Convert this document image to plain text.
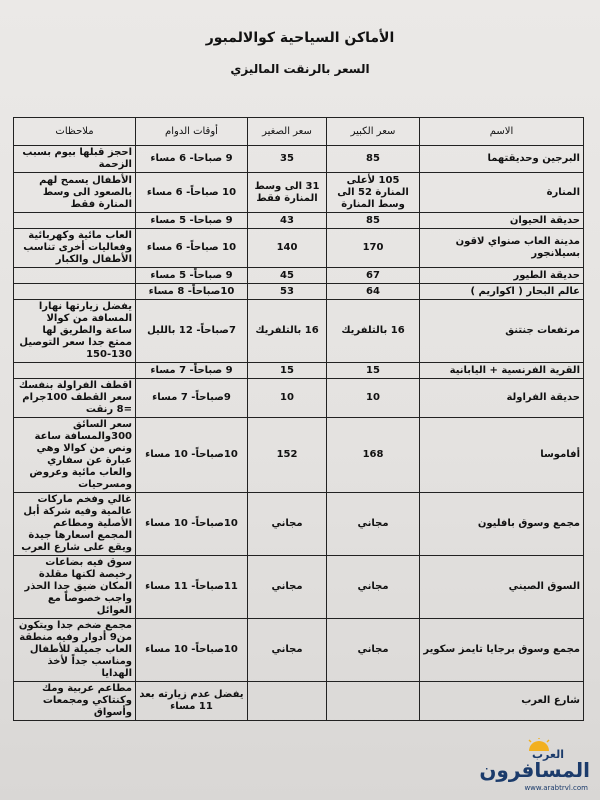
الأماكن السياحية كوالالمبور
السعر بالرنقت الماليزي
الاسم	سعر الكبير	سعر الصغير	أوقات الدوام	ملاحظات
البرجين وحديقتهما	85	35	9 صباحا- 6 مساء	احجز قبلها بيوم بسبب الزحمة
المنارة	105 لأعلى المنارة 52 الى وسط المنارة	31 الى وسط المنارة فقط	10 صباحاً- 6 مساء	الأطفال يسمح لهم بالصعود الى وسط المنارة فقط
حديقة الحيوان	85	43	9 صباحا- 5 مساء	
مدينة العاب صنواي لاقون بسيلانجور	170	140	10 صباحاً- 6 مساء	العاب مائية وكهربائية وفعاليات أخرى تناسب الأطفال والكبار
حديقة الطيور	67	45	9 صباحاً- 5 مساء	
عالم البحار ( اكواريم )	64	53	10صباحاً- 8 مساء	
مرتفعات جنتنق	16 بالتلفريك	16 بالتلفريك	7صباحاً- 12 بالليل	يفضل زيارتها نهارا المسافة من كوالا ساعة والطريق لها ممتع جدا سعر التوصيل 130-150
القرية الفرنسية + اليابانية	15	15	9 صباحاً- 7 مساء	
حديقة الفراولة	10	10	9صباحاً- 7 مساء	اقطف الفراولة بنفسك سعر القطف 100جرام =8 رنقت
أفاموسا	168	152	10صباحاً- 10 مساء	سعر السائق 300والمسافة ساعة ونص من كوالا وهي عبارة عن سفاري والعاب مائية وعروض ومسرحيات
مجمع وسوق بافليون	مجاني	مجاني	10صباحاً- 10 مساء	غالي وفخم ماركات عالمية وفيه شركة أبل الأصلية ومطاعم المجمع اسعارها جيدة ويقع على شارع العرب
السوق الصيني	مجاني	مجاني	11صباحاً- 11 مساء	سوق فيه بضاعات رخيصة لكنها مقلدة المكان ضيق جدا الحذر واجب خصوصاً مع العوائل
مجمع وسوق برجايا تايمز سكوير	مجاني	مجاني	10صباحاً- 10 مساء	مجمع ضخم جدا ويتكون من9 أدوار وفيه منطقة العاب جميلة للأطفال ومناسب جداً لأخذ الهدايا
شارع العرب			يفضل عدم زيارته بعد 11 مساء	مطاعم عربية ومك وكنتاكي ومجمعات وأسواق
العرب
المسافرون
www.arabtrvl.com
